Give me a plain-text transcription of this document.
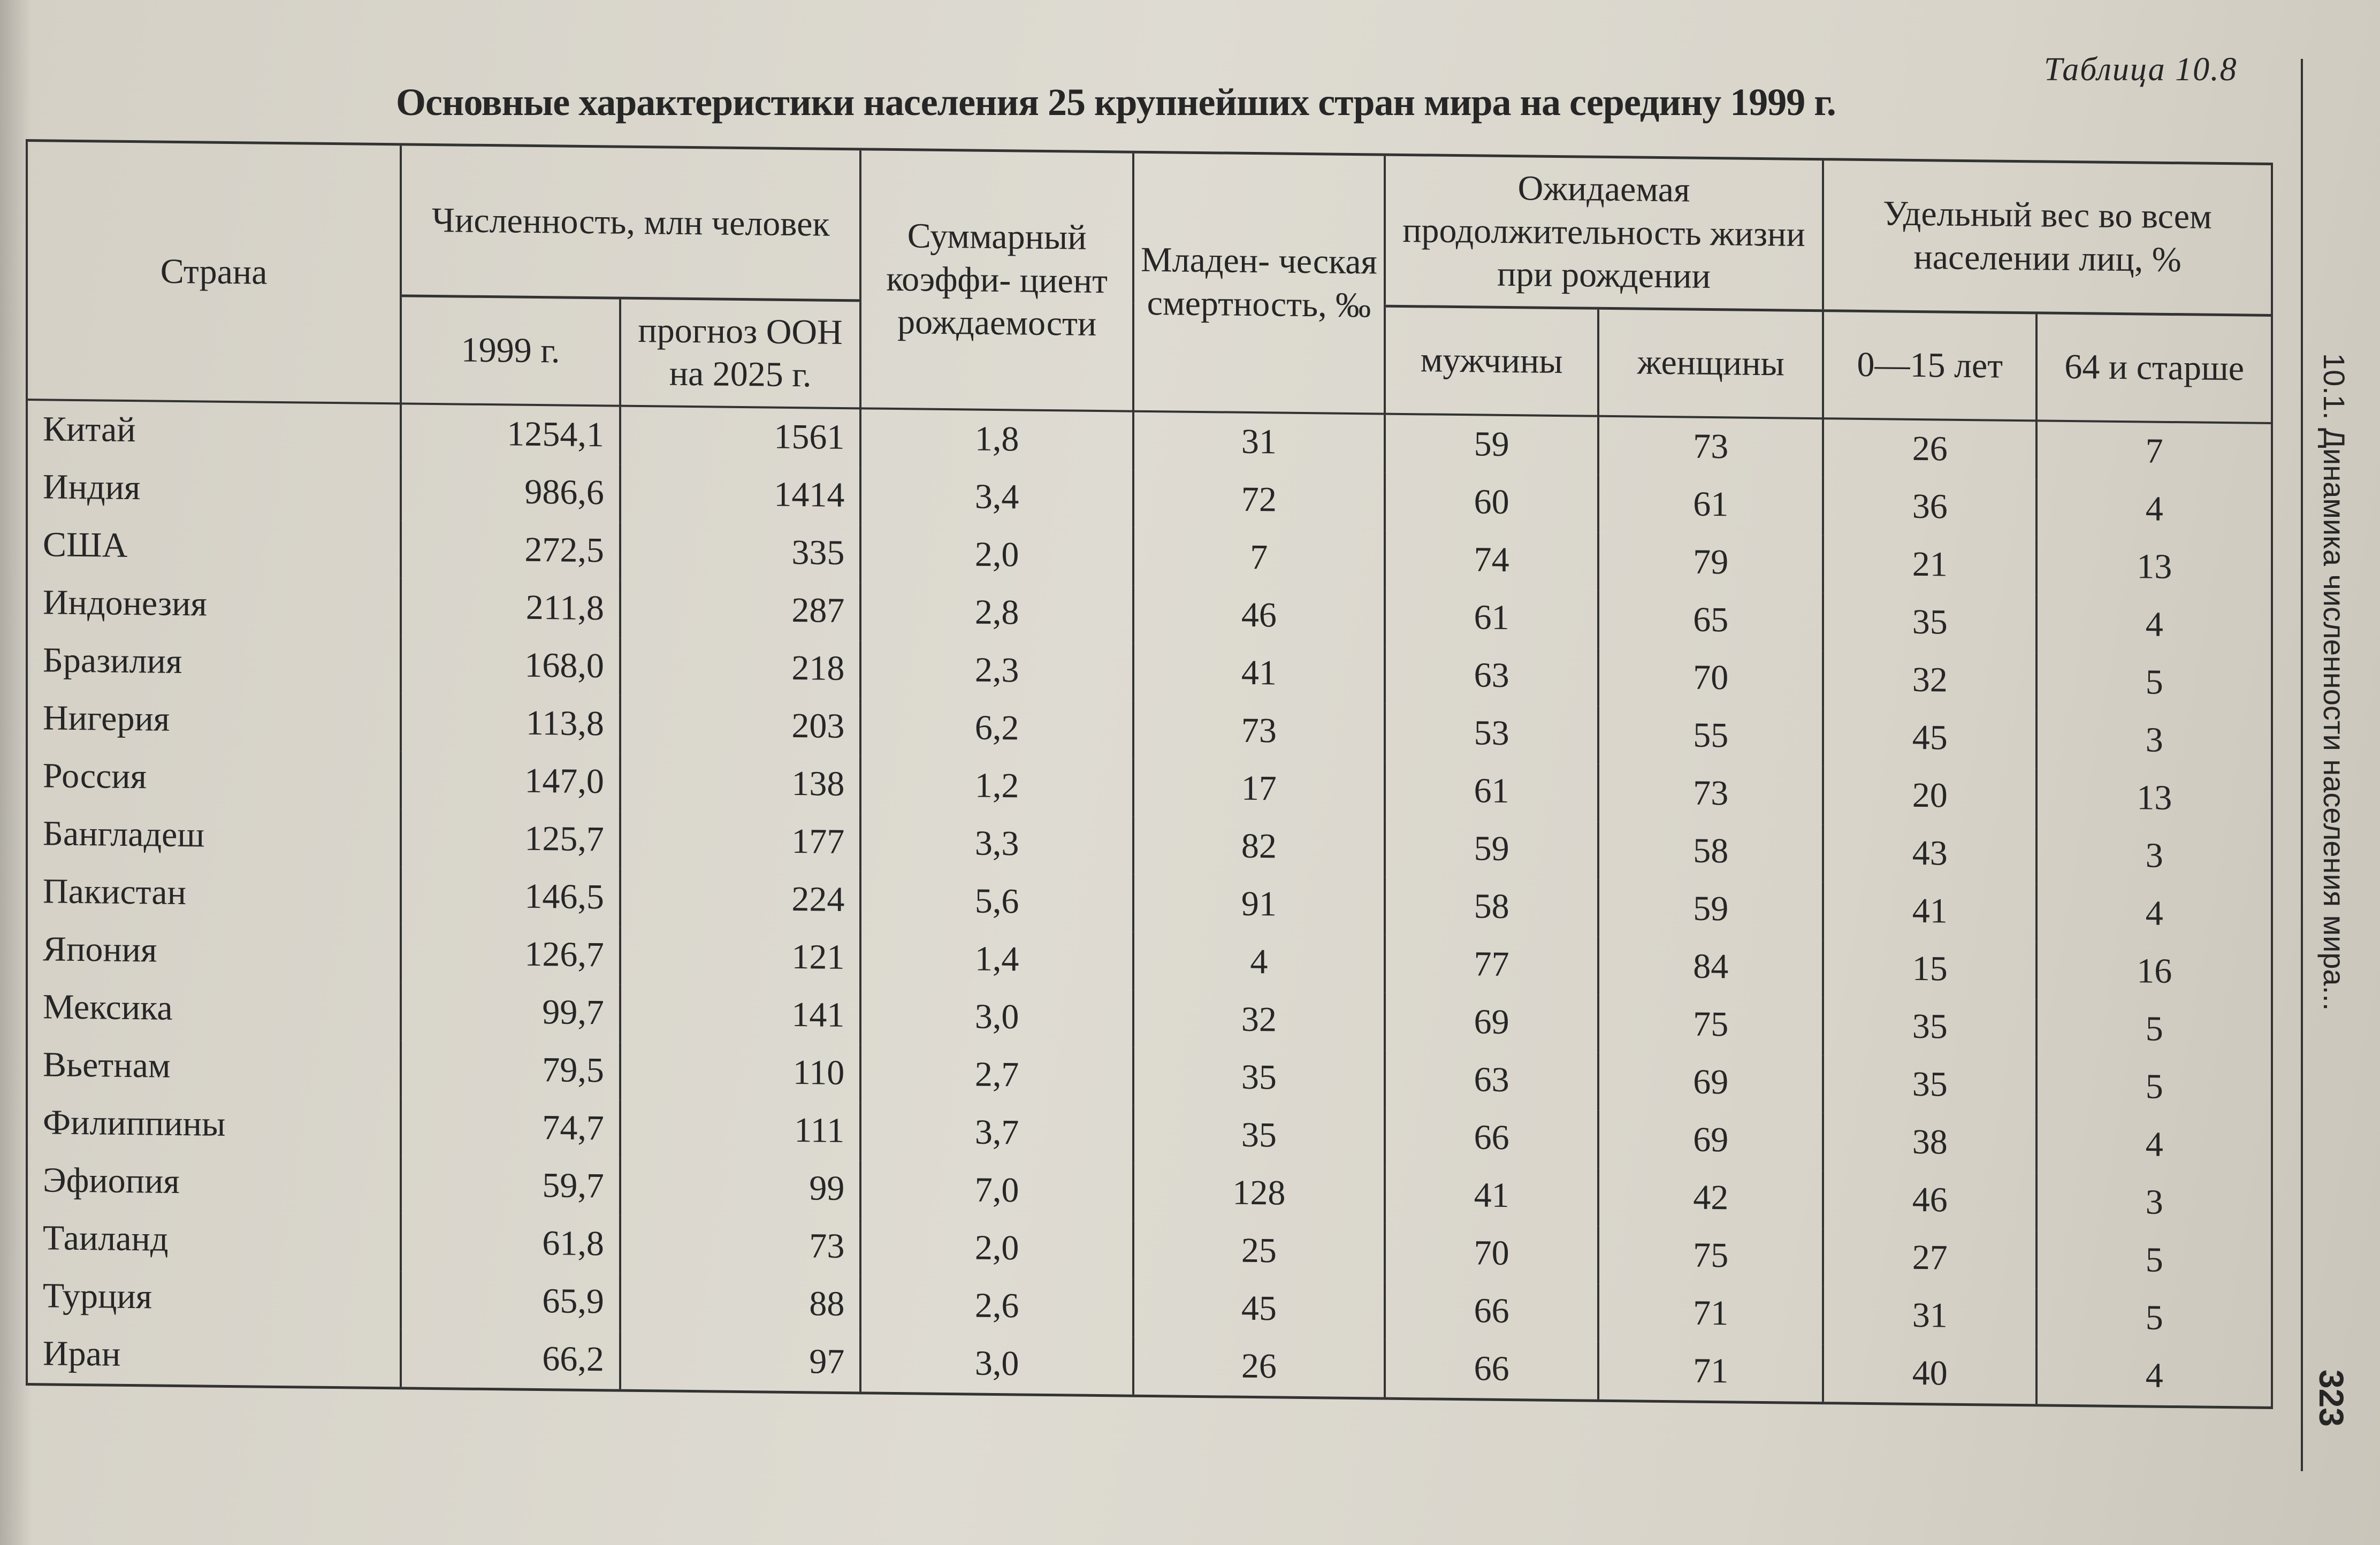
Таблица 10.8
Основные характеристики населения 25 крупнейших стран мира на середину 1999 г.
10.1. Динамика численности населения мира...
323
Страна	Численность, млн человек		Суммарный коэффи- циент рождаемости	Младен- ческая смертность, ‰	Ожидаемая продолжительность жизни при рождении		Удельный вес во всем населении лиц, %	
	1999 г.	прогноз ООН на 2025 г.			мужчины	женщины	0—15 лет	64 и старше
Китай	1254,1	1561	1,8	31	59	73	26	7
Индия	986,6	1414	3,4	72	60	61	36	4
США	272,5	335	2,0	7	74	79	21	13
Индонезия	211,8	287	2,8	46	61	65	35	4
Бразилия	168,0	218	2,3	41	63	70	32	5
Нигерия	113,8	203	6,2	73	53	55	45	3
Россия	147,0	138	1,2	17	61	73	20	13
Бангладеш	125,7	177	3,3	82	59	58	43	3
Пакистан	146,5	224	5,6	91	58	59	41	4
Япония	126,7	121	1,4	4	77	84	15	16
Мексика	99,7	141	3,0	32	69	75	35	5
Вьетнам	79,5	110	2,7	35	63	69	35	5
Филиппины	74,7	111	3,7	35	66	69	38	4
Эфиопия	59,7	99	7,0	128	41	42	46	3
Таиланд	61,8	73	2,0	25	70	75	27	5
Турция	65,9	88	2,6	45	66	71	31	5
Иран	66,2	97	3,0	26	66	71	40	4
